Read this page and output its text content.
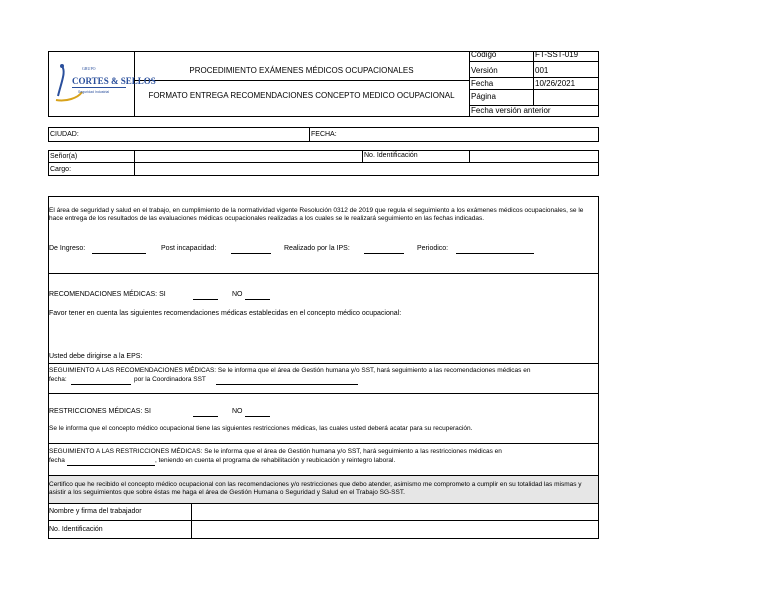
GRUPO
CORTES & SELLOS
Seguridad Industrial
PROCEDIMIENTO EXÁMENES MÉDICOS OCUPACIONALES
FORMATO ENTREGA RECOMENDACIONES CONCEPTO MEDICO OCUPACIONAL
Código	FT-SST-019
Versión	001
Fecha	10/26/2021
Página
Fecha versión anterior
CIUDAD:	FECHA:
Señor(a)	No. Identificación
Cargo:
El área de seguridad y salud en el trabajo, en cumplimiento de la normatividad vigente Resolución 0312 de 2019 que regula el seguimiento a los exámenes médicos ocupacionales, se le hace entrega de los resultados de las evaluaciones médicas ocupacionales realizadas a los cuales se le realizará seguimiento en las fechas indicadas.
De Ingreso:	Post incapacidad:	Realizado por la IPS:	Periodico:
RECOMENDACIONES MÉDICAS: SI	NO
Favor tener en cuenta las siguientes recomendaciones médicas establecidas en el concepto médico ocupacional:
Usted debe dirigirse a la EPS:
SEGUIMIENTO A LAS RECOMENDACIONES MÉDICAS: Se le informa que el área de Gestión humana y/o SST, hará seguimiento a las recomendaciones médicas en
fecha:	por la Coordinadora SST
RESTRICCIONES MÉDICAS: SI	NO
Se le informa que el concepto médico ocupacional tiene las siguientes restricciones médicas, las cuales usted deberá acatar para su recuperación.
SEGUIMIENTO A LAS RESTRICCIONES MÉDICAS: Se le informa que el área de Gestión humana y/o SST, hará seguimiento a las restricciones médicas en
fecha	, teniendo en cuenta el programa de rehabilitación y reubicación y reintegro laboral.
Certifico que he recibido el concepto médico ocupacional con las recomendaciones y/o restricciones que debo atender, asimismo me comprometo a cumplir en su totalidad las mismas y asistir a los seguimientos que sobre éstas me haga el área de Gestión Humana o Seguridad y Salud en el Trabajo SG-SST.
Nombre y firma del trabajador
No. Identificación
